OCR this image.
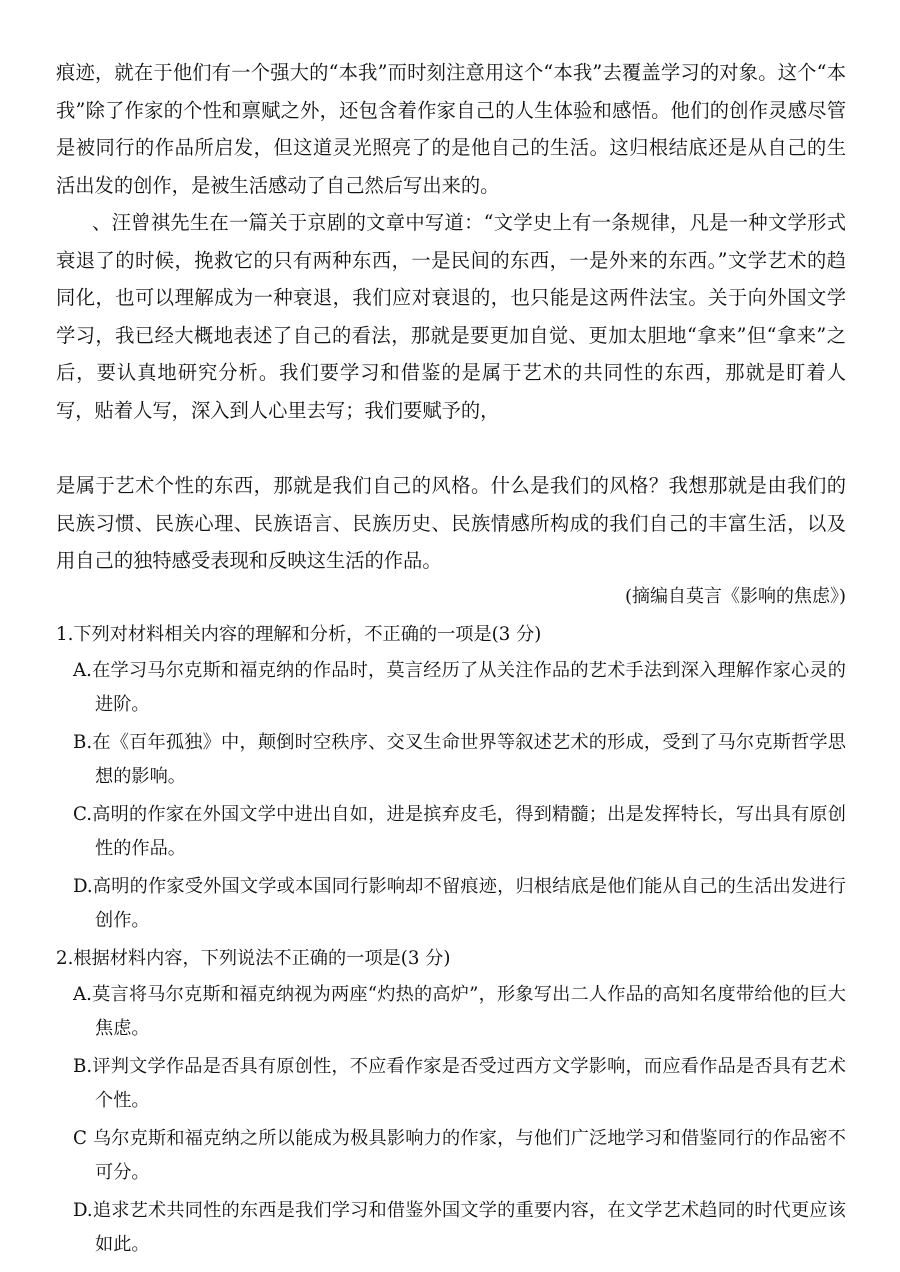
痕迹，就在于他们有一个强大的“本我”而时刻注意用这个“本我”去覆盖学习的对象。这个“本我”除了作家的个性和禀赋之外，还包含着作家自己的人生体验和感悟。他们的创作灵感尽管是被同行的作品所启发，但这道灵光照亮了的是他自己的生活。这归根结底还是从自己的生活出发的创作，是被生活感动了自己然后写出来的。

、汪曾祺先生在一篇关于京剧的文章中写道：“文学史上有一条规律，凡是一种文学形式衰退了的时候，挽救它的只有两种东西，一是民间的东西，一是外来的东西。”文学艺术的趋同化，也可以理解成为一种衰退，我们应对衰退的，也只能是这两件法宝。关于向外国文学学习，我已经大概地表述了自己的看法，那就是要更加自觉、更加太胆地“拿来”但“拿来”之后，要认真地研究分析。我们要学习和借鉴的是属于艺术的共同性的东西，那就是盯着人写，贴着人写，深入到人心里去写；我们要赋予的，

是属于艺术个性的东西，那就是我们自己的风格。什么是我们的风格？我想那就是由我们的民族习惯、民族心理、民族语言、民族历史、民族情感所构成的我们自己的丰富生活，以及用自己的独特感受表现和反映这生活的作品。

(摘编自莫言《影响的焦虑》)

1.下列对材料相关内容的理解和分析，不正确的一项是(3 分)

A.在学习马尔克斯和福克纳的作品时，莫言经历了从关注作品的艺术手法到深入理解作家心灵的进阶。

B.在《百年孤独》中，颠倒时空秩序、交叉生命世界等叙述艺术的形成，受到了马尔克斯哲学思想的影响。

C.高明的作家在外国文学中进出自如，进是摈弃皮毛，得到精髓；出是发挥特长，写出具有原创性的作品。

D.高明的作家受外国文学或本国同行影响却不留痕迹，归根结底是他们能从自己的生活出发进行创作。

2.根据材料内容，下列说法不正确的一项是(3 分)

A.莫言将马尔克斯和福克纳视为两座“灼热的高炉”，形象写出二人作品的高知名度带给他的巨大焦虑。

B.评判文学作品是否具有原创性，不应看作家是否受过西方文学影响，而应看作品是否具有艺术个性。

C 乌尔克斯和福克纳之所以能成为极具影响力的作家，与他们广泛地学习和借鉴同行的作品密不可分。

D.追求艺术共同性的东西是我们学习和借鉴外国文学的重要内容，在文学艺术趋同的时代更应该如此。
